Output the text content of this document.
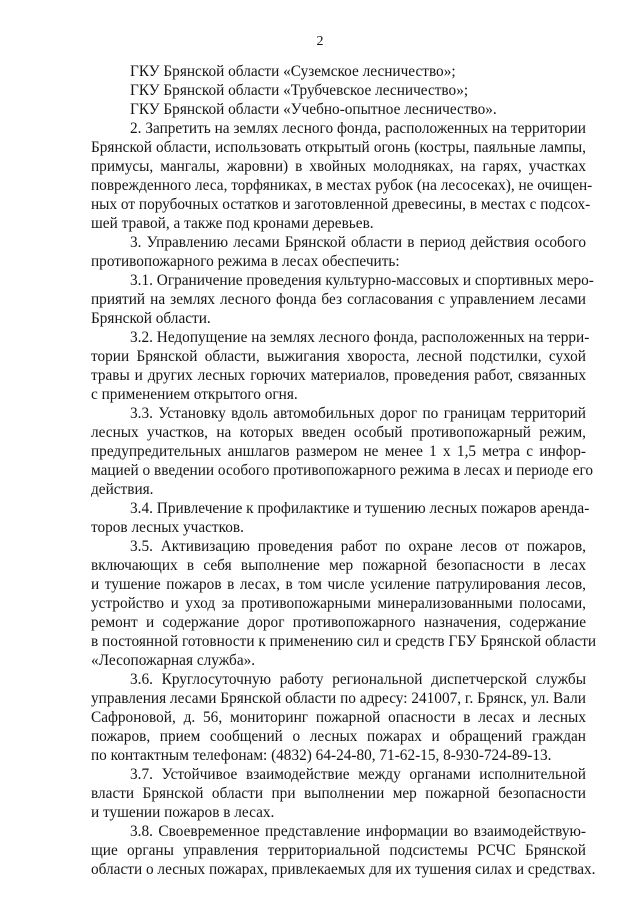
2
ГКУ Брянской области «Суземское лесничество»;
ГКУ Брянской области «Трубчевское лесничество»;
ГКУ Брянской области «Учебно-опытное лесничество».
2. Запретить на землях лесного фонда, расположенных на территории
Брянской области, использовать открытый огонь (костры, паяльные лампы,
примусы, мангалы, жаровни) в хвойных молодняках, на гарях, участках
поврежденного леса, торфяниках, в местах рубок (на лесосеках), не очищен-
ных от порубочных остатков и заготовленной древесины, в местах с подсох-
шей травой, а также под кронами деревьев.
3. Управлению лесами Брянской области в период действия особого
противопожарного режима в лесах обеспечить:
3.1. Ограничение проведения культурно-массовых и спортивных меро-
приятий на землях лесного фонда без согласования с управлением лесами
Брянской области.
3.2. Недопущение на землях лесного фонда, расположенных на терри-
тории Брянской области, выжигания хвороста, лесной подстилки, сухой
травы и других лесных горючих материалов, проведения работ, связанных
с применением открытого огня.
3.3. Установку вдоль автомобильных дорог по границам территорий
лесных участков, на которых введен особый противопожарный режим,
предупредительных аншлагов размером не менее 1 x 1,5 метра с инфор-
мацией о введении особого противопожарного режима в лесах и периоде его
действия.
3.4. Привлечение к профилактике и тушению лесных пожаров арендa-
торов лесных участков.
3.5. Активизацию проведения работ по охране лесов от пожаров,
включающих в себя выполнение мер пожарной безопасности в лесах
и тушение пожаров в лесах, в том числе усиление патрулирования лесов,
устройство и уход за противопожарными минерализованными полосами,
ремонт и содержание дорог противопожарного назначения, содержание
в постоянной готовности к применению сил и средств ГБУ Брянской области
«Лесопожарная служба».
3.6. Круглосуточную работу региональной диспетчерской службы
управления лесами Брянской области по адресу: 241007, г. Брянск, ул. Вали
Сафроновой, д. 56, мониторинг пожарной опасности в лесах и лесных
пожаров, прием сообщений о лесных пожарах и обращений граждан
по контактным телефонам: (4832) 64-24-80, 71-62-15, 8-930-724-89-13.
3.7. Устойчивое взаимодействие между органами исполнительной
власти Брянской области при выполнении мер пожарной безопасности
и тушении пожаров в лесах.
3.8. Своевременное представление информации во взаимодействую-
щие органы управления территориальной подсистемы РСЧС Брянской
области о лесных пожарах, привлекаемых для их тушения силах и средствах.
